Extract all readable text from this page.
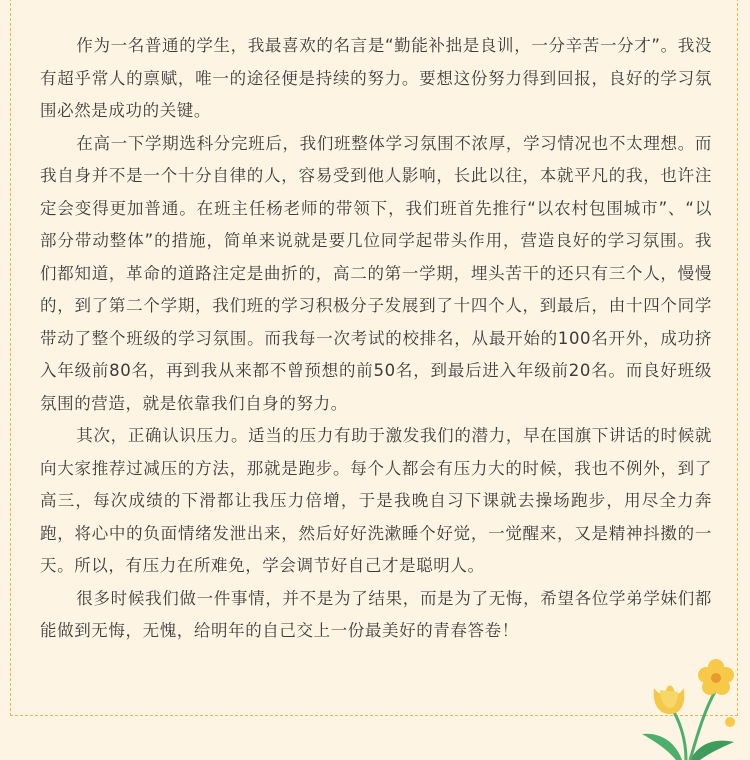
作为一名普通的学生，我最喜欢的名言是“勤能补拙是良训，一分辛苦一分才”。我没有超乎常人的禀赋，唯一的途径便是持续的努力。要想这份努力得到回报，良好的学习氛围必然是成功的关键。

在高一下学期选科分完班后，我们班整体学习氛围不浓厚，学习情况也不太理想。而我自身并不是一个十分自律的人，容易受到他人影响，长此以往，本就平凡的我，也许注定会变得更加普通。在班主任杨老师的带领下，我们班首先推行“以农村包围城市”、“以部分带动整体”的措施，简单来说就是要几位同学起带头作用，营造良好的学习氛围。我们都知道，革命的道路注定是曲折的，高二的第一学期，埋头苦干的还只有三个人，慢慢的，到了第二个学期，我们班的学习积极分子发展到了十四个人，到最后，由十四个同学带动了整个班级的学习氛围。而我每一次考试的校排名，从最开始的100名开外，成功挤入年级前80名，再到我从来都不曾预想的前50名，到最后进入年级前20名。而良好班级氛围的营造，就是依靠我们自身的努力。

其次，正确认识压力。适当的压力有助于激发我们的潜力，早在国旗下讲话的时候就向大家推荐过减压的方法，那就是跑步。每个人都会有压力大的时候，我也不例外，到了高三，每次成绩的下滑都让我压力倍增，于是我晚自习下课就去操场跑步，用尽全力奔跑，将心中的负面情绪发泄出来，然后好好洗漱睡个好觉，一觉醒来，又是精神抖擞的一天。所以，有压力在所难免，学会调节好自己才是聪明人。

很多时候我们做一件事情，并不是为了结果，而是为了无悔，希望各位学弟学妹们都能做到无悔，无愧，给明年的自己交上一份最美好的青春答卷！
